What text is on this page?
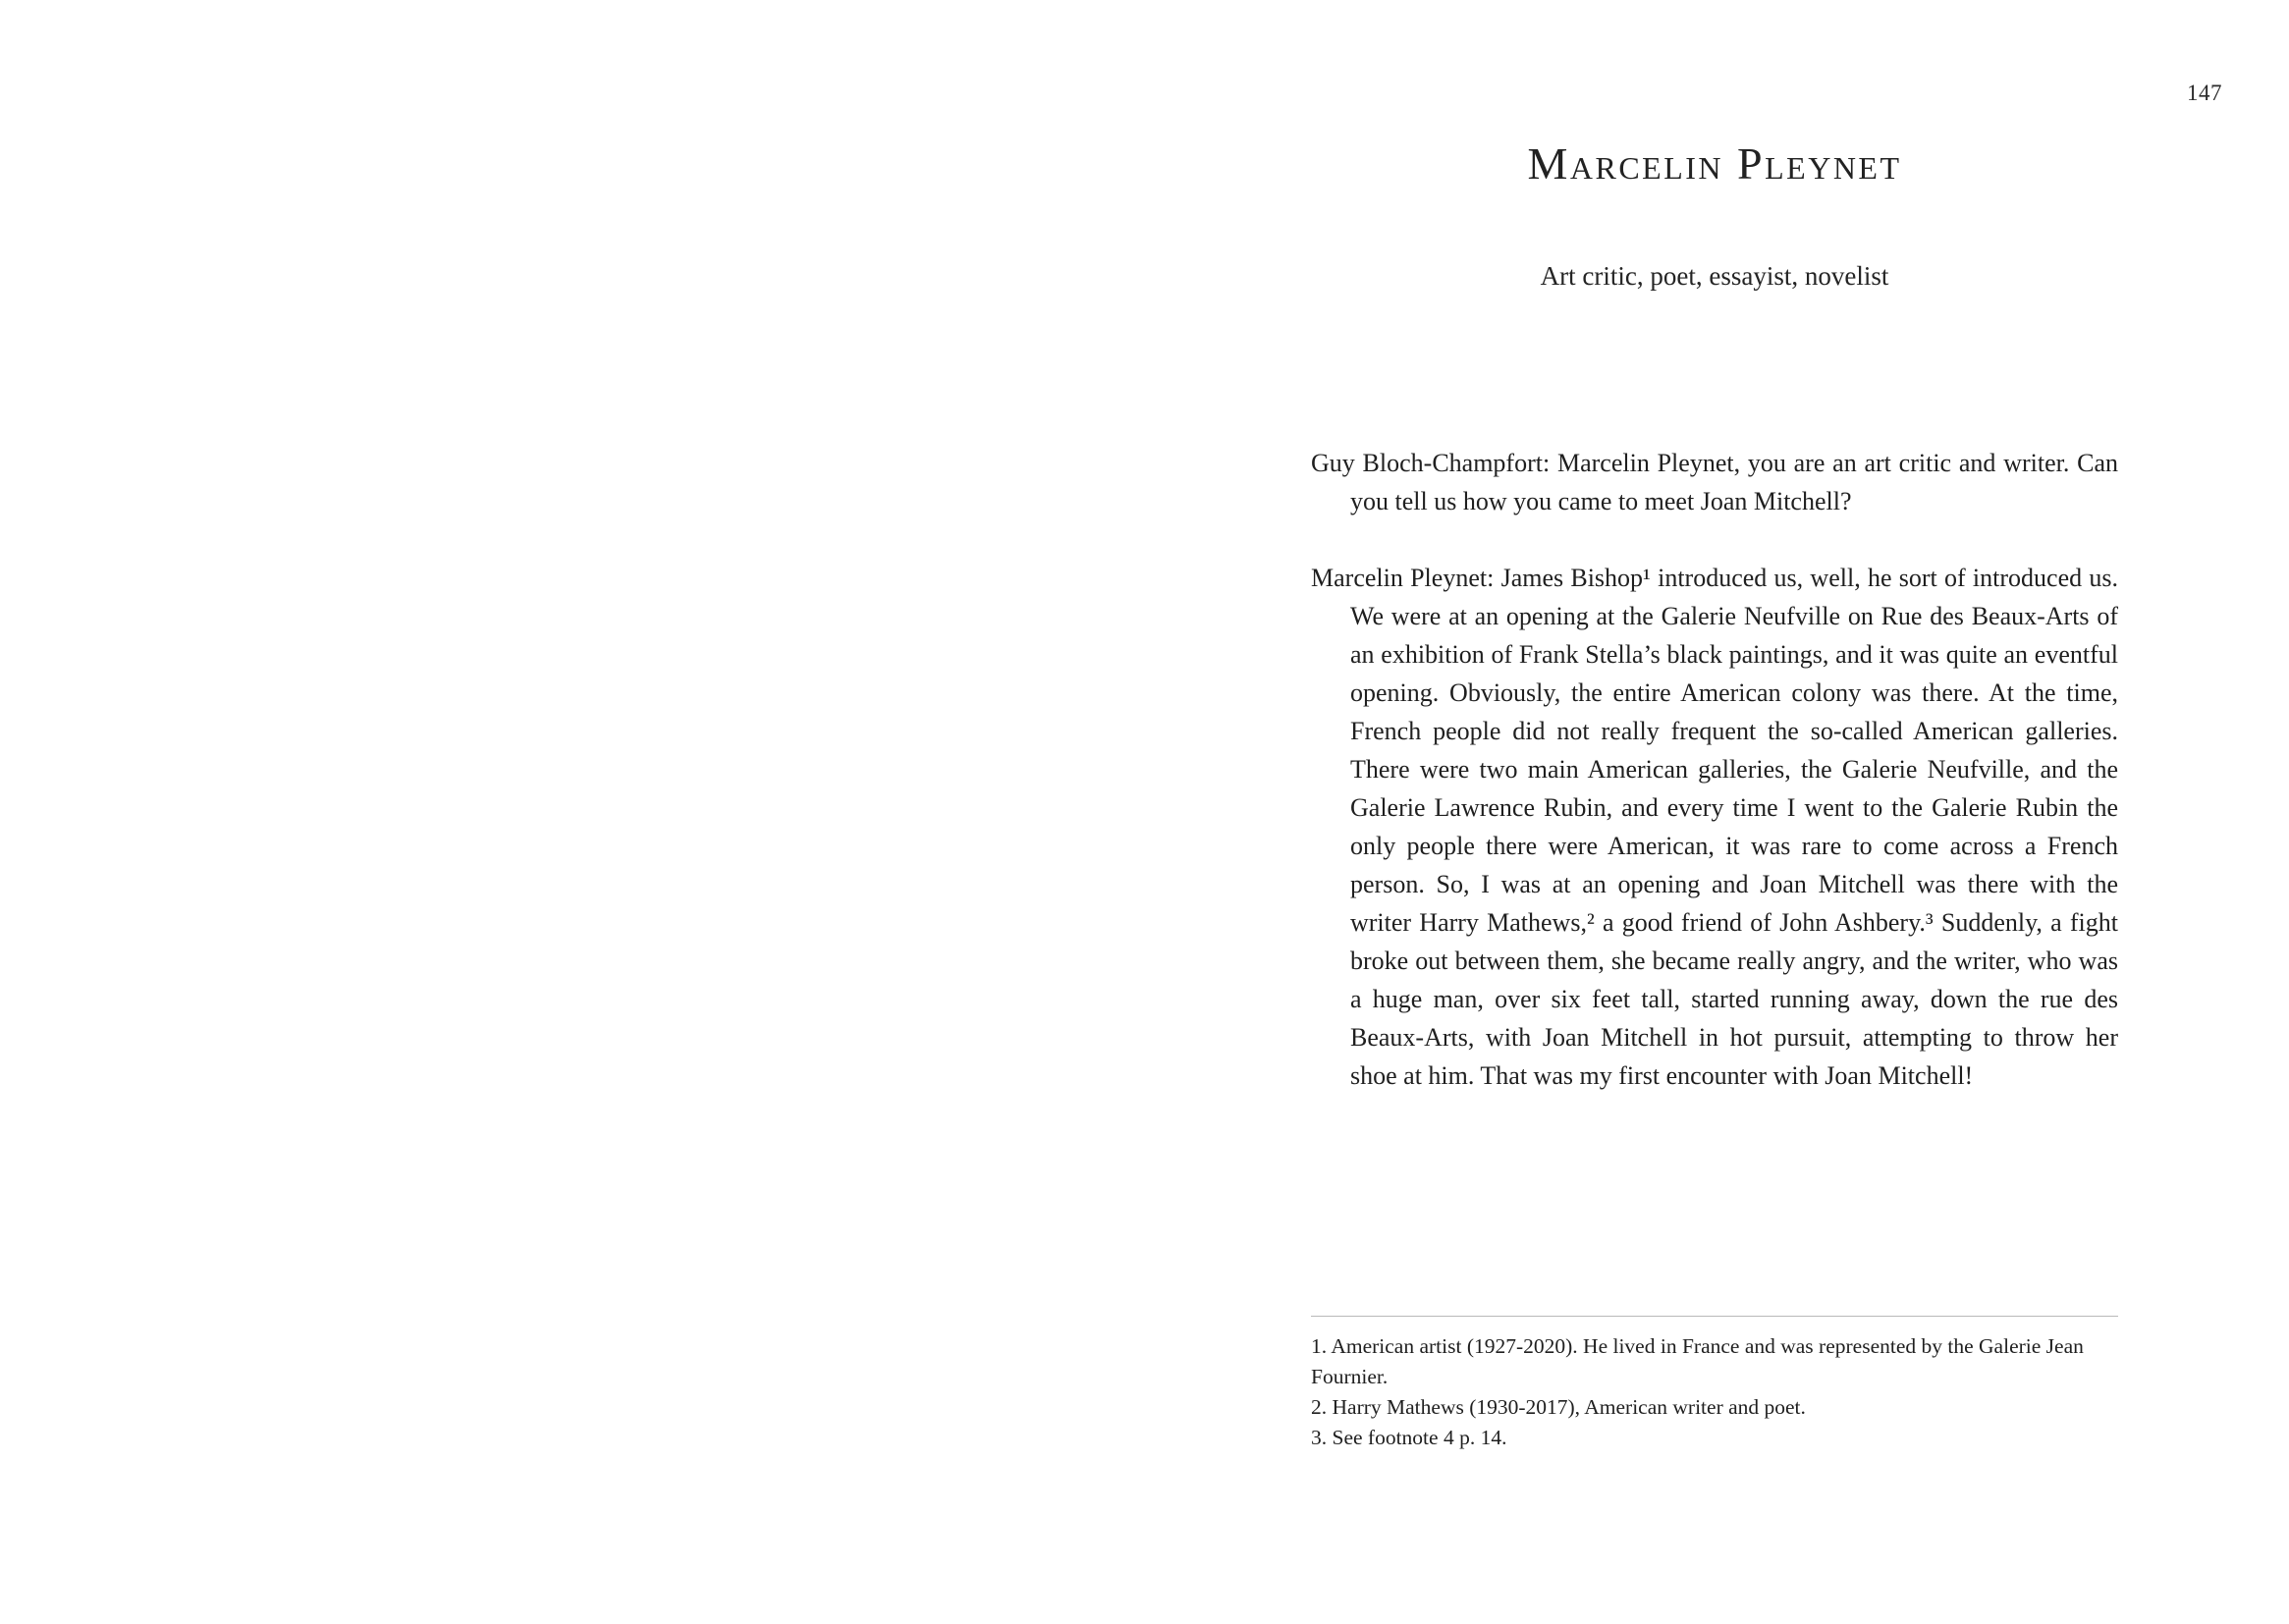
147
Marcelin Pleynet
Art critic, poet, essayist, novelist

Guy Bloch-Champfort: Marcelin Pleynet, you are an art critic and writer. Can you tell us how you came to meet Joan Mitchell?

Marcelin Pleynet: James Bishop¹ introduced us, well, he sort of introduced us. We were at an opening at the Galerie Neufville on Rue des Beaux-Arts of an exhibition of Frank Stella’s black paintings, and it was quite an eventful opening. Obviously, the entire American colony was there. At the time, French people did not really frequent the so-called American galleries. There were two main American galleries, the Galerie Neufville, and the Galerie Lawrence Rubin, and every time I went to the Galerie Rubin the only people there were American, it was rare to come across a French person. So, I was at an opening and Joan Mitchell was there with the writer Harry Mathews,² a good friend of John Ashbery.³ Suddenly, a fight broke out between them, she became really angry, and the writer, who was a huge man, over six feet tall, started running away, down the rue des Beaux-Arts, with Joan Mitchell in hot pursuit, attempting to throw her shoe at him. That was my first encounter with Joan Mitchell!

1. American artist (1927-2020). He lived in France and was represented by the Galerie Jean Fournier.

2. Harry Mathews (1930-2017), American writer and poet.

3. See footnote 4 p. 14.
